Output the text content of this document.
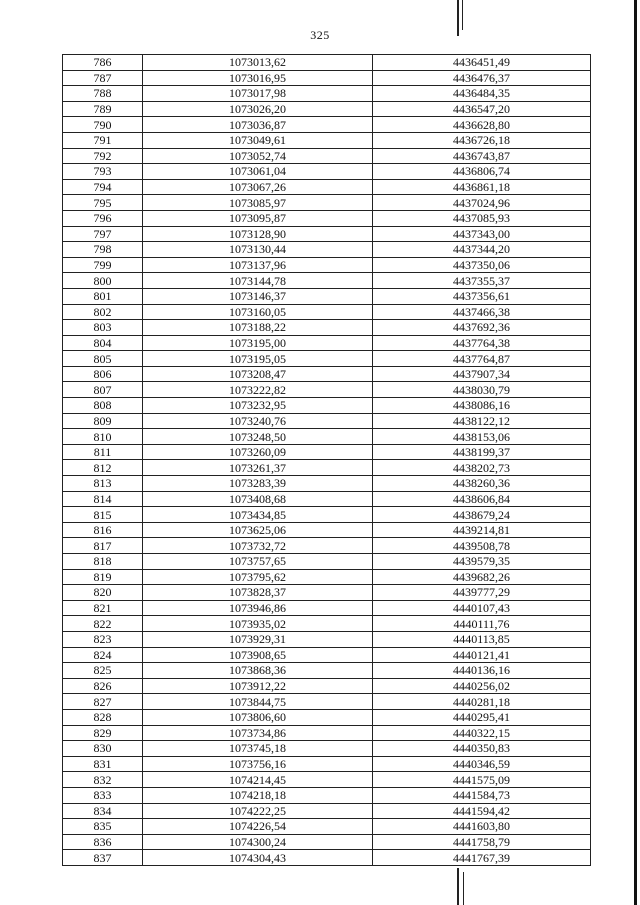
325
786	1073013,62	4436451,49
787	1073016,95	4436476,37
788	1073017,98	4436484,35
789	1073026,20	4436547,20
790	1073036,87	4436628,80
791	1073049,61	4436726,18
792	1073052,74	4436743,87
793	1073061,04	4436806,74
794	1073067,26	4436861,18
795	1073085,97	4437024,96
796	1073095,87	4437085,93
797	1073128,90	4437343,00
798	1073130,44	4437344,20
799	1073137,96	4437350,06
800	1073144,78	4437355,37
801	1073146,37	4437356,61
802	1073160,05	4437466,38
803	1073188,22	4437692,36
804	1073195,00	4437764,38
805	1073195,05	4437764,87
806	1073208,47	4437907,34
807	1073222,82	4438030,79
808	1073232,95	4438086,16
809	1073240,76	4438122,12
810	1073248,50	4438153,06
811	1073260,09	4438199,37
812	1073261,37	4438202,73
813	1073283,39	4438260,36
814	1073408,68	4438606,84
815	1073434,85	4438679,24
816	1073625,06	4439214,81
817	1073732,72	4439508,78
818	1073757,65	4439579,35
819	1073795,62	4439682,26
820	1073828,37	4439777,29
821	1073946,86	4440107,43
822	1073935,02	4440111,76
823	1073929,31	4440113,85
824	1073908,65	4440121,41
825	1073868,36	4440136,16
826	1073912,22	4440256,02
827	1073844,75	4440281,18
828	1073806,60	4440295,41
829	1073734,86	4440322,15
830	1073745,18	4440350,83
831	1073756,16	4440346,59
832	1074214,45	4441575,09
833	1074218,18	4441584,73
834	1074222,25	4441594,42
835	1074226,54	4441603,80
836	1074300,24	4441758,79
837	1074304,43	4441767,39
